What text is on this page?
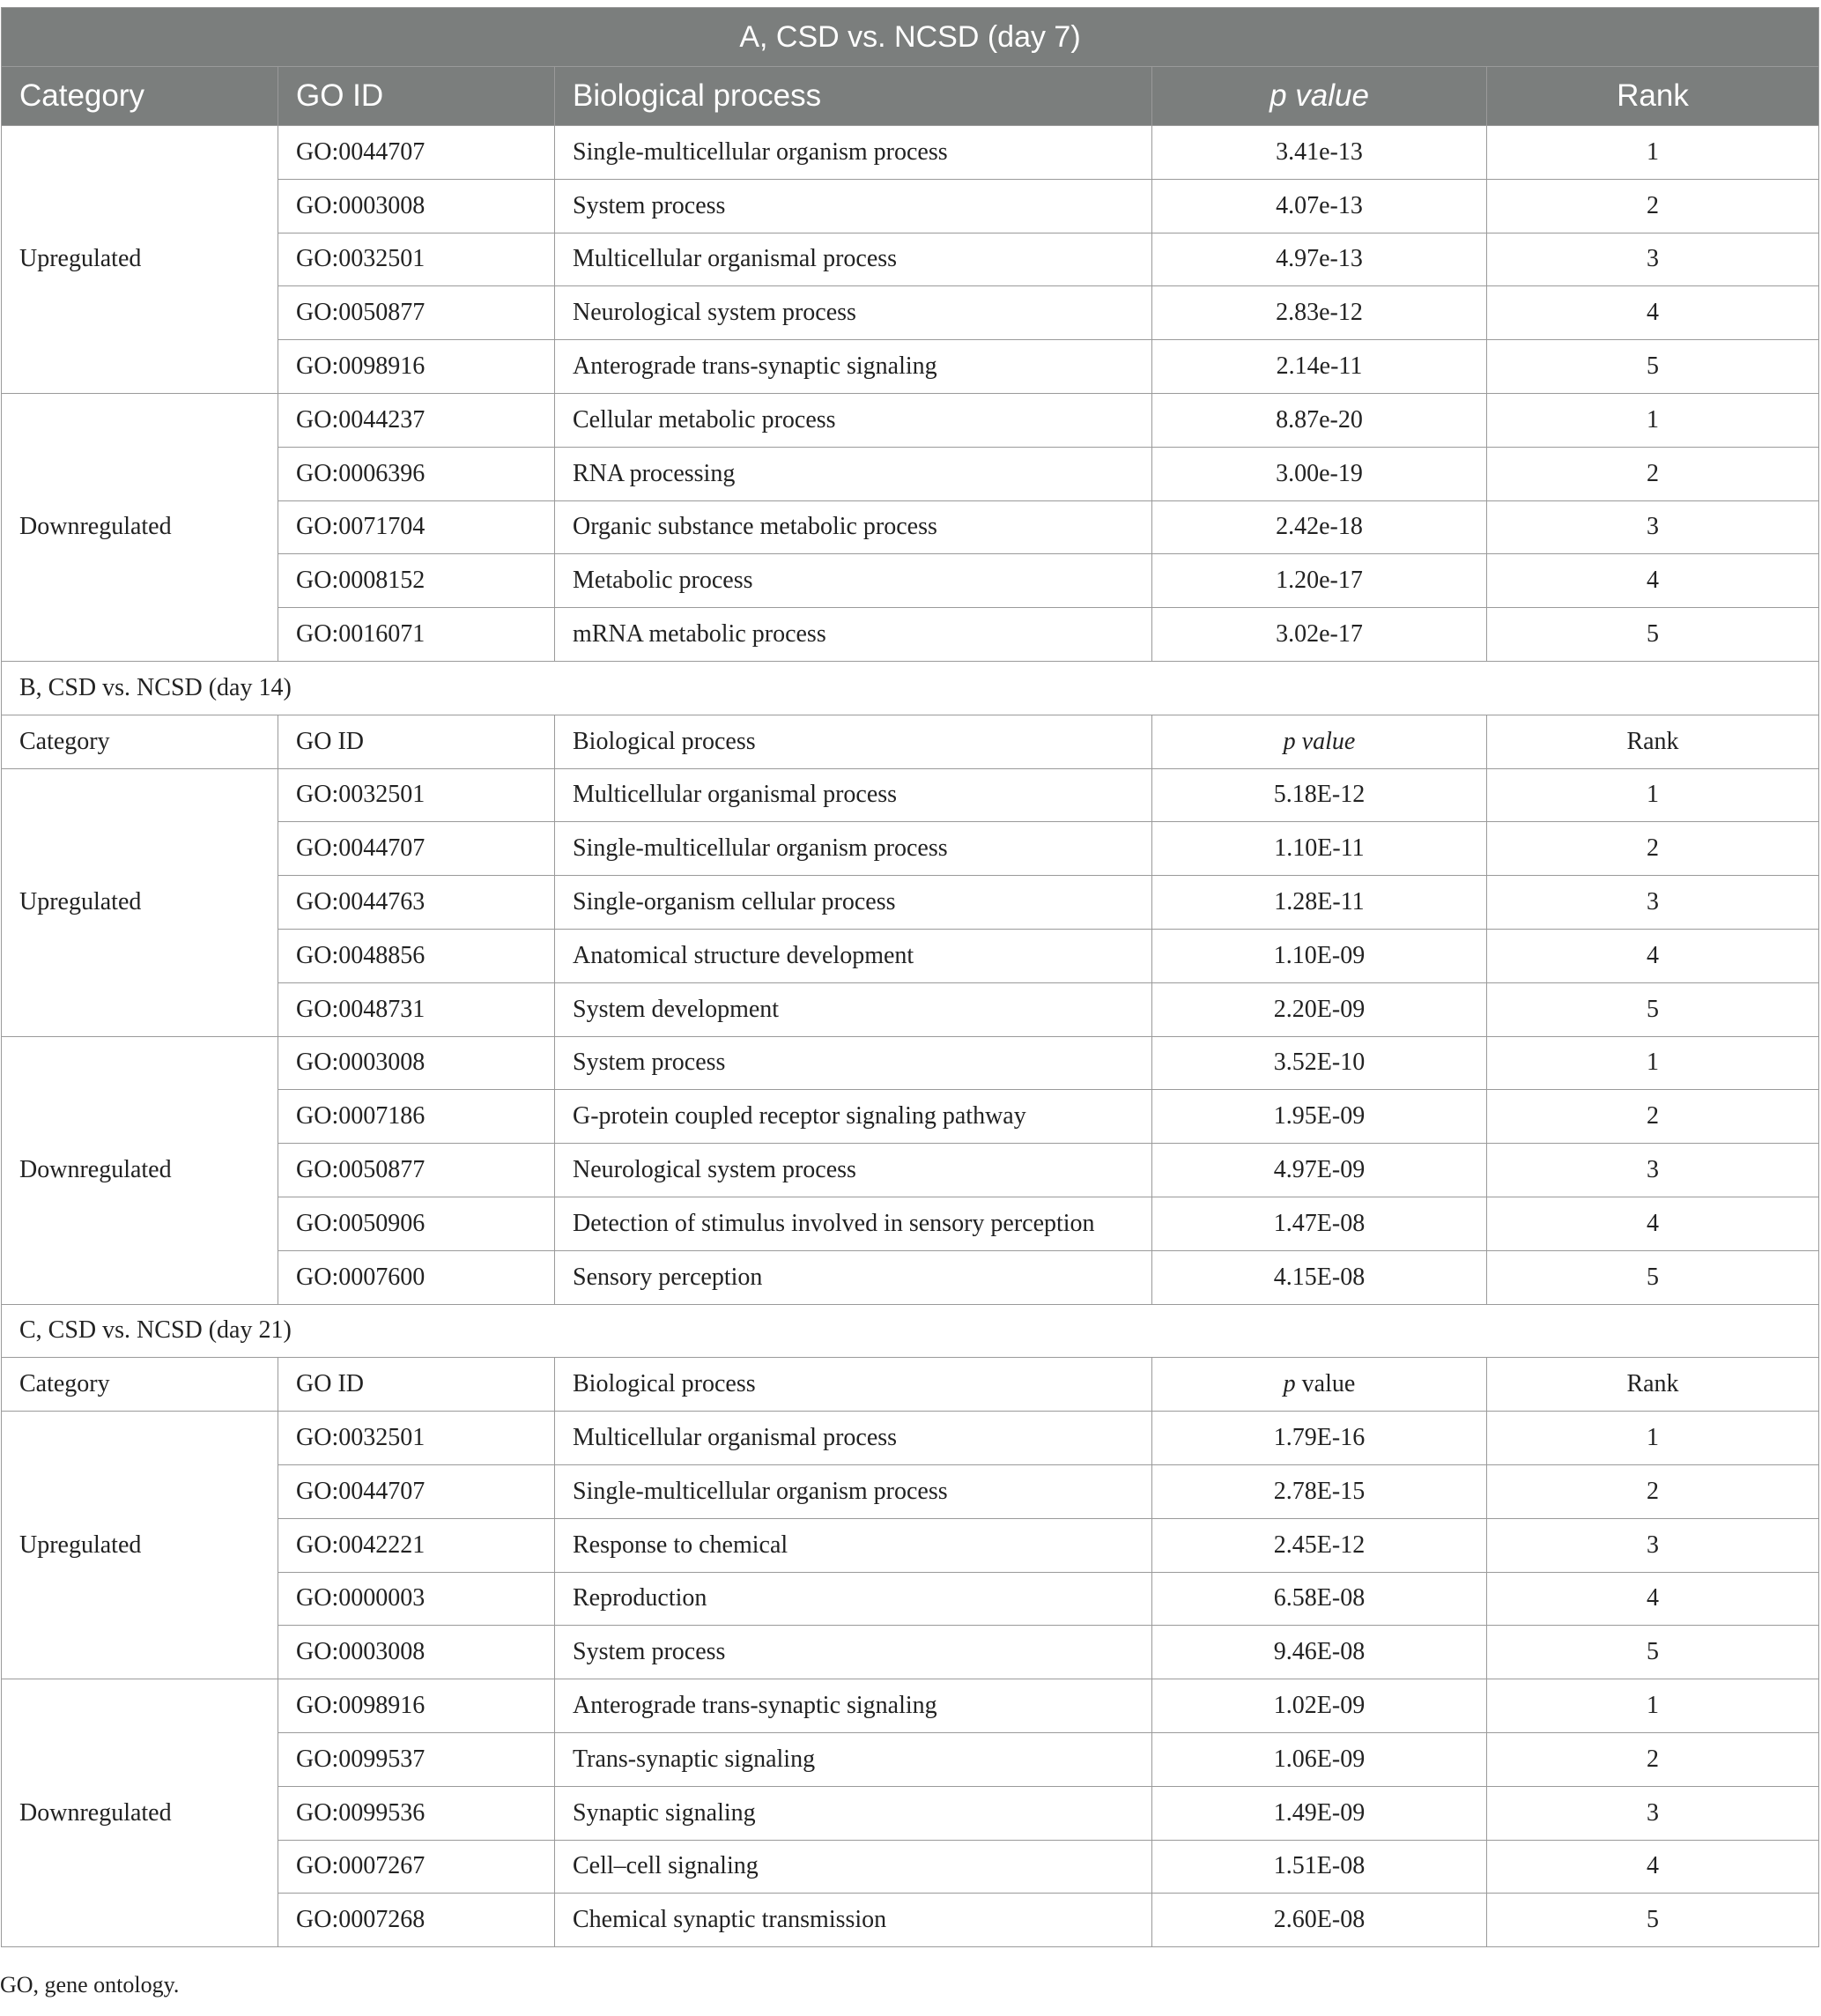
A, CSD vs. NCSD (day 7)				
Category	GO ID	Biological process	p value	Rank
Upregulated	GO:0044707	Single-multicellular organism process	3.41e-13	1
	GO:0003008	System process	4.07e-13	2
	GO:0032501	Multicellular organismal process	4.97e-13	3
	GO:0050877	Neurological system process	2.83e-12	4
	GO:0098916	Anterograde trans-synaptic signaling	2.14e-11	5
Downregulated	GO:0044237	Cellular metabolic process	8.87e-20	1
	GO:0006396	RNA processing	3.00e-19	2
	GO:0071704	Organic substance metabolic process	2.42e-18	3
	GO:0008152	Metabolic process	1.20e-17	4
	GO:0016071	mRNA metabolic process	3.02e-17	5
B, CSD vs. NCSD (day 14)				
Category	GO ID	Biological process	p value	Rank
Upregulated	GO:0032501	Multicellular organismal process	5.18E-12	1
	GO:0044707	Single-multicellular organism process	1.10E-11	2
	GO:0044763	Single-organism cellular process	1.28E-11	3
	GO:0048856	Anatomical structure development	1.10E-09	4
	GO:0048731	System development	2.20E-09	5
Downregulated	GO:0003008	System process	3.52E-10	1
	GO:0007186	G-protein coupled receptor signaling pathway	1.95E-09	2
	GO:0050877	Neurological system process	4.97E-09	3
	GO:0050906	Detection of stimulus involved in sensory perception	1.47E-08	4
	GO:0007600	Sensory perception	4.15E-08	5
C, CSD vs. NCSD (day 21)				
Category	GO ID	Biological process	p value	Rank
Upregulated	GO:0032501	Multicellular organismal process	1.79E-16	1
	GO:0044707	Single-multicellular organism process	2.78E-15	2
	GO:0042221	Response to chemical	2.45E-12	3
	GO:0000003	Reproduction	6.58E-08	4
	GO:0003008	System process	9.46E-08	5
Downregulated	GO:0098916	Anterograde trans-synaptic signaling	1.02E-09	1
	GO:0099537	Trans-synaptic signaling	1.06E-09	2
	GO:0099536	Synaptic signaling	1.49E-09	3
	GO:0007267	Cell–cell signaling	1.51E-08	4
	GO:0007268	Chemical synaptic transmission	2.60E-08	5

GO, gene ontology.
